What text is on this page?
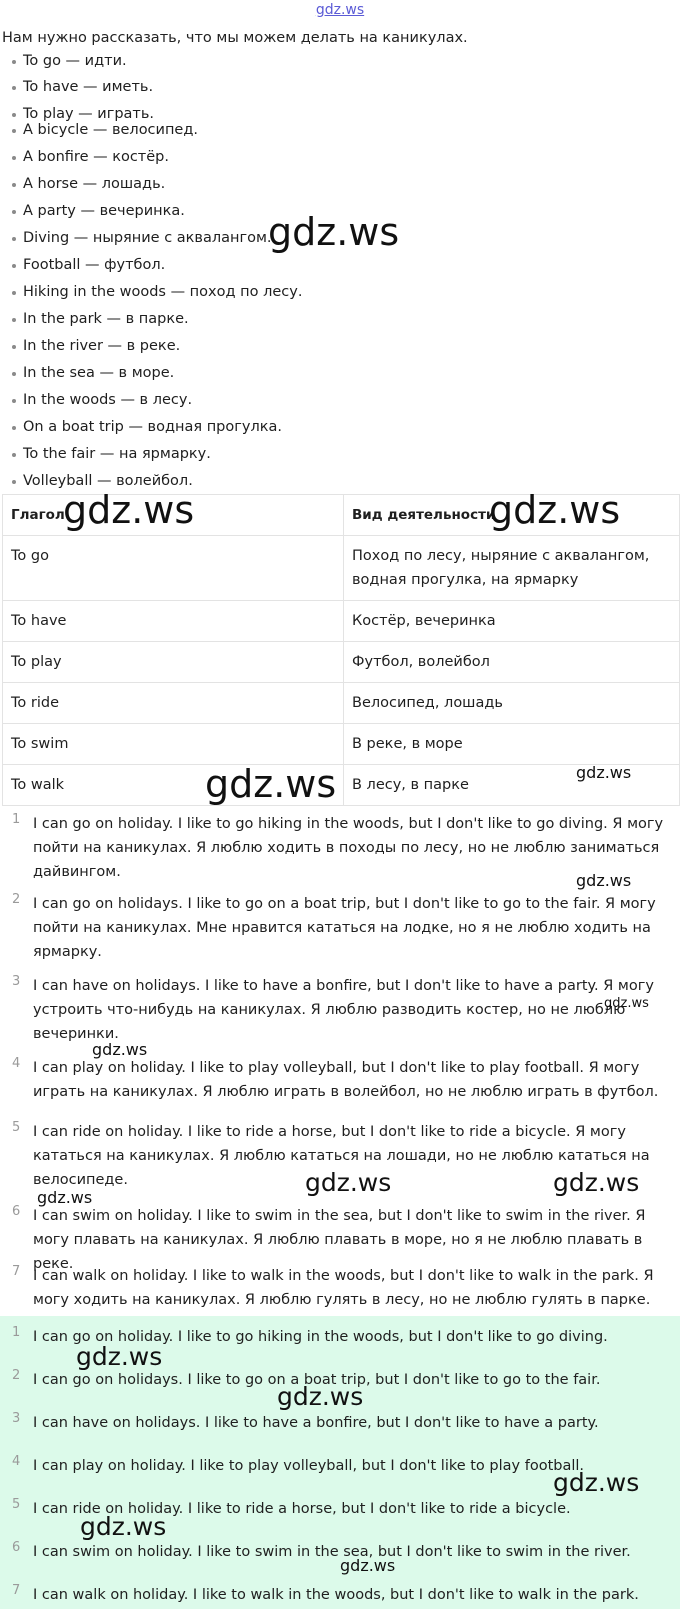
gdz.ws
Нам нужно рассказать, что мы можем делать на каникулах.
To go — идти.
To have — иметь.
To play — играть.
A bicycle — велосипед.
A bonfire — костёр.
A horse — лошадь.
A party — вечеринка.
Diving — ныряние с аквалангом.
Football — футбол.
Hiking in the woods — поход по лесу.
In the park — в парке.
In the river — в реке.
In the sea — в море.
In the woods — в лесу.
On a boat trip — водная прогулка.
To the fair — на ярмарку.
Volleyball — волейбол.
Глагол	Вид деятельности
To go	Поход по лесу, ныряние с аквалангом, водная прогулка, на ярмарку
To have	Костёр, вечеринка
To play	Футбол, волейбол
To ride	Велосипед, лошадь
To swim	В реке, в море
To walk	В лесу, в парке
1 I can go on holiday. I like to go hiking in the woods, but I don't like to go diving. Я могу пойти на каникулах. Я люблю ходить в походы по лесу, но не люблю заниматься дайвингом.
2 I can go on holidays. I like to go on a boat trip, but I don't like to go to the fair. Я могу пойти на каникулах. Мне нравится кататься на лодке, но я не люблю ходить на ярмарку.
3 I can have on holidays. I like to have a bonfire, but I don't like to have a party. Я могу устроить что-нибудь на каникулах. Я люблю разводить костер, но не люблю вечеринки.
4 I can play on holiday. I like to play volleyball, but I don't like to play football. Я могу играть на каникулах. Я люблю играть в волейбол, но не люблю играть в футбол.
5 I can ride on holiday. I like to ride a horse, but I don't like to ride a bicycle. Я могу кататься на каникулах. Я люблю кататься на лошади, но не люблю кататься на велосипеде.
6 I can swim on holiday. I like to swim in the sea, but I don't like to swim in the river. Я могу плавать на каникулах. Я люблю плавать в море, но я не люблю плавать в реке.
7 I can walk on holiday. I like to walk in the woods, but I don't like to walk in the park. Я могу ходить на каникулах. Я люблю гулять в лесу, но не люблю гулять в парке.
1 I can go on holiday. I like to go hiking in the woods, but I don't like to go diving.
2 I can go on holidays. I like to go on a boat trip, but I don't like to go to the fair.
3 I can have on holidays. I like to have a bonfire, but I don't like to have a party.
4 I can play on holiday. I like to play volleyball, but I don't like to play football.
5 I can ride on holiday. I like to ride a horse, but I don't like to ride a bicycle.
6 I can swim on holiday. I like to swim in the sea, but I don't like to swim in the river.
7 I can walk on holiday. I like to walk in the woods, but I don't like to walk in the park.
gdz.ws
gdz.ws	gdz.ws
gdz.ws	gdz.ws
gdz.ws
gdz.ws
gdz.ws
gdz.ws	gdz.ws
gdz.ws
gdz.ws
gdz.ws
gdz.ws
gdz.ws
gdz.ws
